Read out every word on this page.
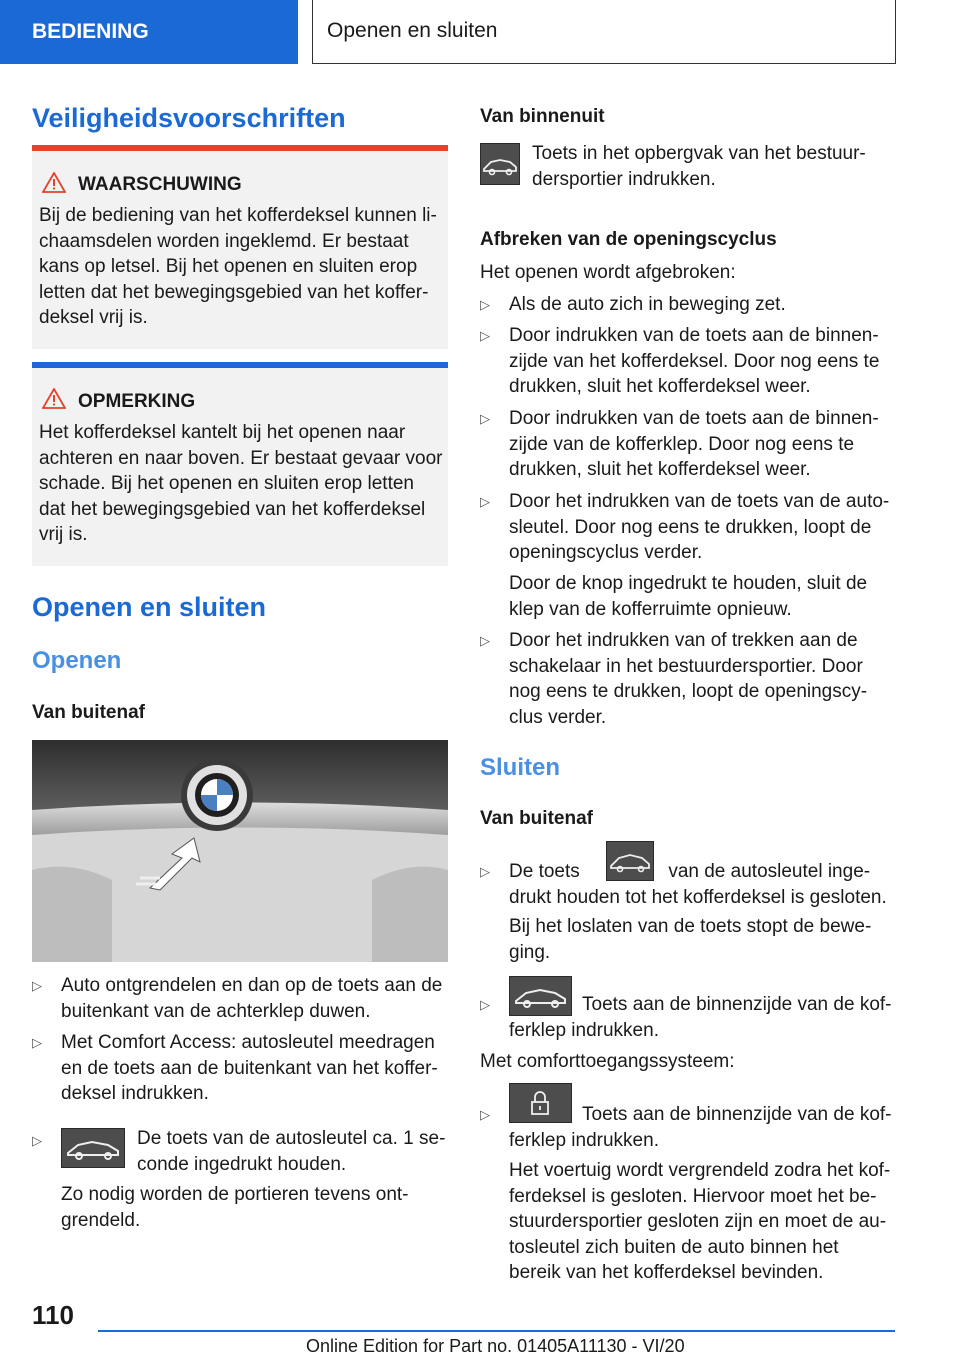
BEDIENING	Openen en sluiten
Veiligheidsvoorschriften
WAARSCHUWING
Bij de bediening van het kofferdeksel kunnen li-
chaamsdelen worden ingeklemd. Er bestaat
kans op letsel. Bij het openen en sluiten erop
letten dat het bewegingsgebied van het koffer-
deksel vrij is.
OPMERKING
Het kofferdeksel kantelt bij het openen naar
achteren en naar boven. Er bestaat gevaar voor
schade. Bij het openen en sluiten erop letten
dat het bewegingsgebied van het kofferdeksel
vrij is.
Openen en sluiten
Openen
Van buitenaf
▷ Auto ontgrendelen en dan op de toets aan de
buitenkant van de achterklep duwen.
▷ Met Comfort Access: autosleutel meedragen
en de toets aan de buitenkant van het koffer-
deksel indrukken.
▷	De toets van de autosleutel ca. 1 se-
conde ingedrukt houden.
Zo nodig worden de portieren tevens ont-
grendeld.
Van binnenuit
Toets in het opbergvak van het bestuur-
dersportier indrukken.
Afbreken van de openingscyclus
Het openen wordt afgebroken:
▷ Als de auto zich in beweging zet.
▷ Door indrukken van de toets aan de binnen-
zijde van het kofferdeksel. Door nog eens te
drukken, sluit het kofferdeksel weer.
▷ Door indrukken van de toets aan de binnen-
zijde van de kofferklep. Door nog eens te
drukken, sluit het kofferdeksel weer.
▷ Door het indrukken van de toets van de auto-
sleutel. Door nog eens te drukken, loopt de
openingscyclus verder.
Door de knop ingedrukt te houden, sluit de
klep van de kofferruimte opnieuw.
▷ Door het indrukken van of trekken aan de
schakelaar in het bestuurdersportier. Door
nog eens te drukken, loopt de openingscy-
clus verder.
Sluiten
Van buitenaf
▷ De toets	van de autosleutel inge-
drukt houden tot het kofferdeksel is gesloten.
Bij het loslaten van de toets stopt de bewe-
ging.
▷	Toets aan de binnenzijde van de kof-
ferklep indrukken.
Met comforttoegangssysteem:
▷	Toets aan de binnenzijde van de kof-
ferklep indrukken.
Het voertuig wordt vergrendeld zodra het kof-
ferdeksel is gesloten. Hiervoor moet het be-
stuurdersportier gesloten zijn en moet de au-
tosleutel zich buiten de auto binnen het
bereik van het kofferdeksel bevinden.
110
Online Edition for Part no. 01405A11130 - VI/20
